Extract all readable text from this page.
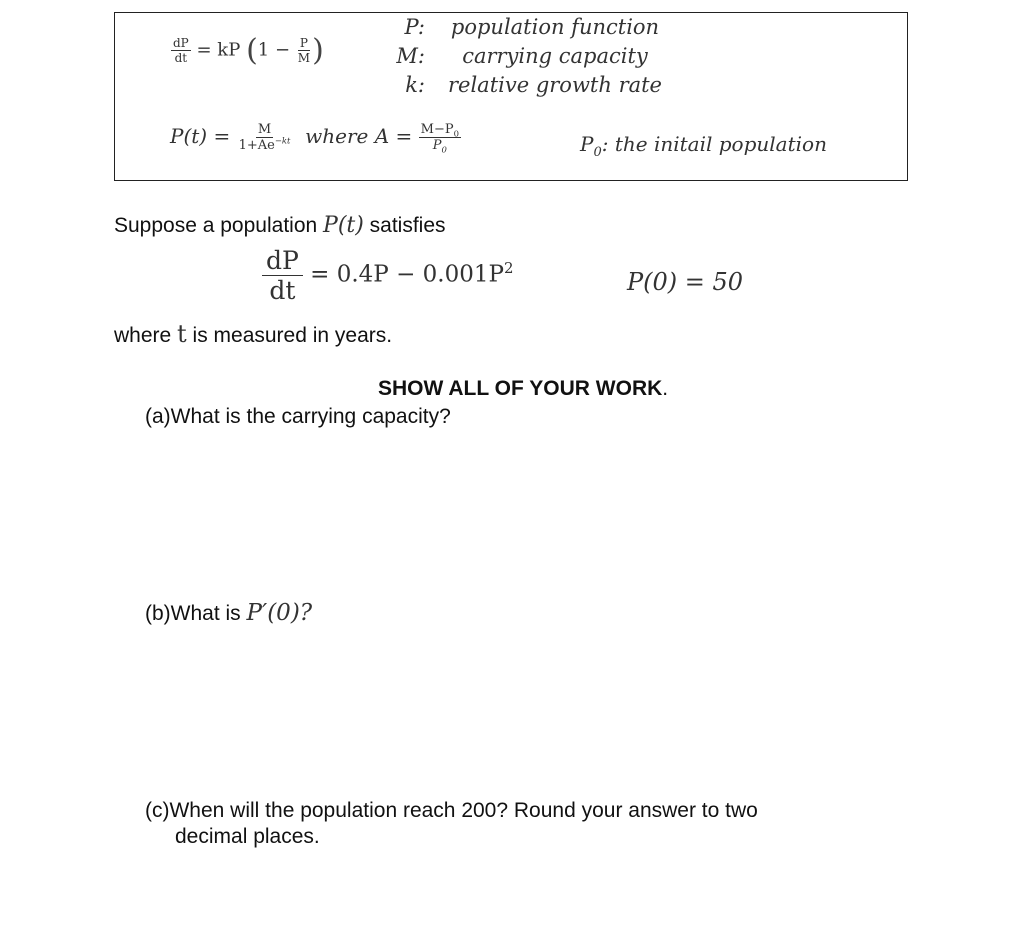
$\frac{dP}{dt}$ = kP ($1 - \frac{P}{M}$ )
P:	population function
M:	carrying capacity
k:	relative growth rate
$P(t) = \frac{M}{1+Ae^{-kt}}$ where $A = \frac{M-P_0}{P_0}$	$P_0$: the initail population
Suppose a population P(t) satisfies
$\frac{dP}{dt} = 0.4P - 0.001P^2$
P(0) = 50
where t is measured in years.
SHOW ALL OF YOUR WORK.
(a)What is the carrying capacity?
(b)What is P′(0)?
(c)When will the population reach 200? Round your answer to two
decimal places.
